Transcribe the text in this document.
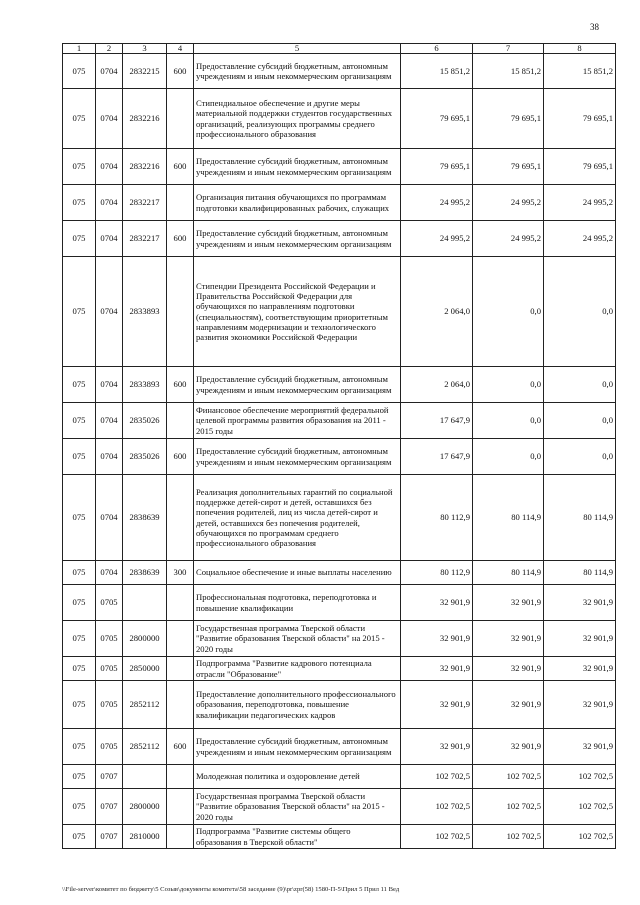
38
1	2	3	4	5	6	7	8
075	0704	2832215	600	Предоставление субсидий бюджетным, автономным учреждениям и иным некоммерческим организациям	15 851,2	15 851,2	15 851,2
075	0704	2832216		Стипендиальное обеспечение и другие меры материальной поддержки студентов государственных организаций, реализующих программы среднего профессионального образования	79 695,1	79 695,1	79 695,1
075	0704	2832216	600	Предоставление субсидий бюджетным, автономным учреждениям и иным некоммерческим организациям	79 695,1	79 695,1	79 695,1
075	0704	2832217		Организация питания обучающихся по программам подготовки квалифицированных рабочих, служащих	24 995,2	24 995,2	24 995,2
075	0704	2832217	600	Предоставление субсидий бюджетным, автономным учреждениям и иным некоммерческим организациям	24 995,2	24 995,2	24 995,2
075	0704	2833893		Стипендии Президента Российской Федерации и Правительства Российской Федерации для обучающихся по направлениям подготовки (специальностям), соответствующим приоритетным направлениям модернизации и технологического развития экономики Российской Федерации	2 064,0	0,0	0,0
075	0704	2833893	600	Предоставление субсидий бюджетным, автономным учреждениям и иным некоммерческим организациям	2 064,0	0,0	0,0
075	0704	2835026		Финансовое обеспечение мероприятий федеральной целевой программы развития образования на 2011 - 2015 годы	17 647,9	0,0	0,0
075	0704	2835026	600	Предоставление субсидий бюджетным, автономным учреждениям и иным некоммерческим организациям	17 647,9	0,0	0,0
075	0704	2838639		Реализация дополнительных гарантий по социальной поддержке детей-сирот и детей, оставшихся без попечения родителей, лиц из числа детей-сирот и детей, оставшихся без попечения родителей, обучающихся по программам среднего профессионального образования	80 112,9	80 114,9	80 114,9
075	0704	2838639	300	Социальное обеспечение и иные выплаты населению	80 112,9	80 114,9	80 114,9
075	0705			Профессиональная подготовка, переподготовка и повышение квалификации	32 901,9	32 901,9	32 901,9
075	0705	2800000		Государственная программа Тверской области "Развитие образования Тверской области" на 2015 - 2020 годы	32 901,9	32 901,9	32 901,9
075	0705	2850000		Подпрограмма "Развитие кадрового потенциала отрасли "Образование"	32 901,9	32 901,9	32 901,9
075	0705	2852112		Предоставление дополнительного профессионального образования, переподготовка, повышение квалификации педагогических кадров	32 901,9	32 901,9	32 901,9
075	0705	2852112	600	Предоставление субсидий бюджетным, автономным учреждениям и иным некоммерческим организациям	32 901,9	32 901,9	32 901,9
075	0707			Молодежная политика и оздоровление детей	102 702,5	102 702,5	102 702,5
075	0707	2800000		Государственная программа Тверской области "Развитие образования Тверской области" на 2015 - 2020 годы	102 702,5	102 702,5	102 702,5
075	0707	2810000		Подпрограмма "Развитие системы общего образования в Тверской области"	102 702,5	102 702,5	102 702,5
\\File-server\комитет по бюджету\5 Созыв\документы комитета\58 заседание (9)\pr\zpr(58) 1580-П-5\Прил 5 Прил 11 Вед
